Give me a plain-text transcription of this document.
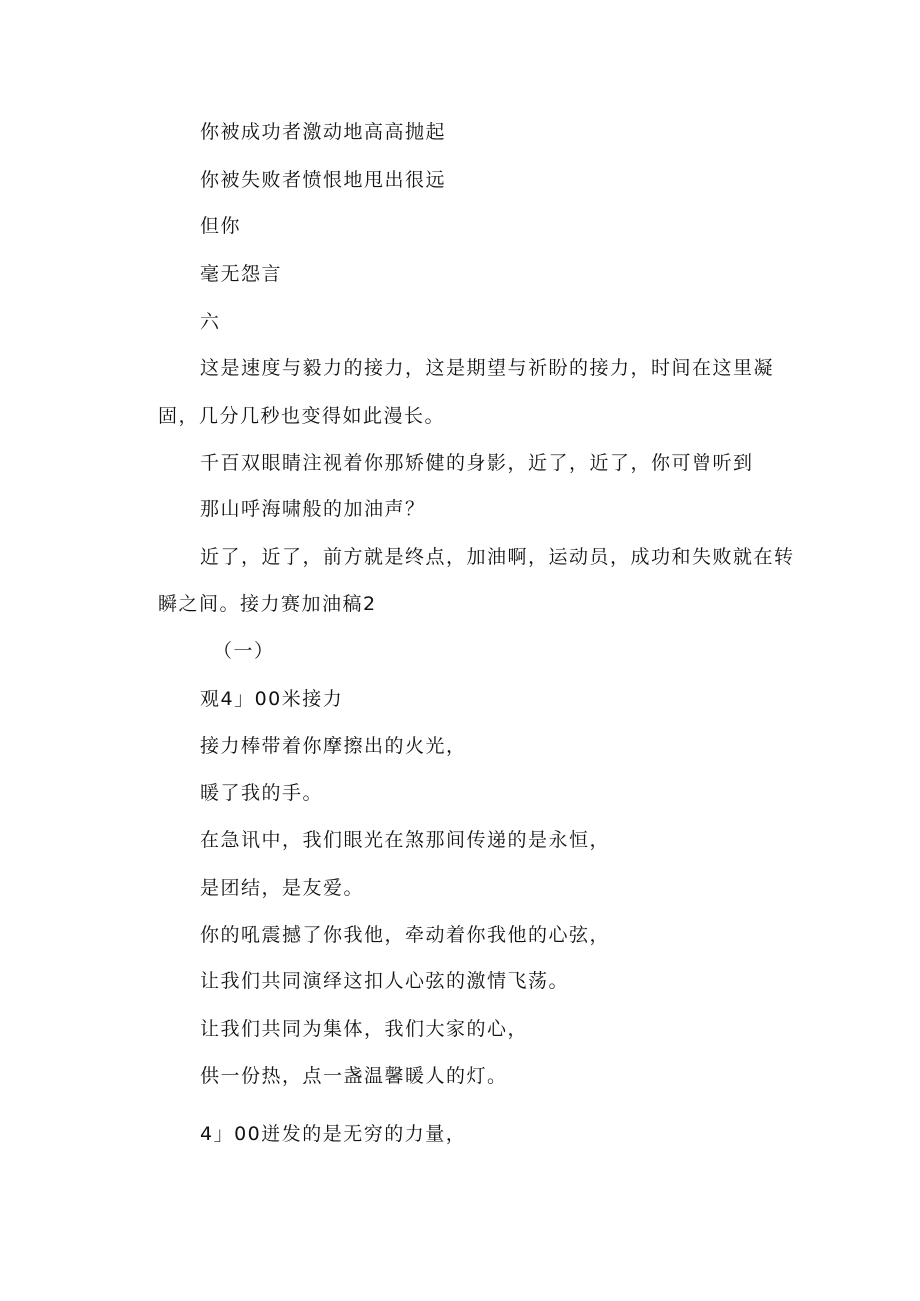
你被成功者激动地高高抛起
你被失败者愤恨地甩出很远
但你
毫无怨言
六
这是速度与毅力的接力，这是期望与祈盼的接力，时间在这里凝
固，几分几秒也变得如此漫长。
千百双眼睛注视着你那矫健的身影，近了，近了，你可曾听到
那山呼海啸般的加油声？
近了，近了，前方就是终点，加油啊，运动员，成功和失败就在转
瞬之间。接力赛加油稿2
（一）
观4」00米接力
接力棒带着你摩擦出的火光，
暖了我的手。
在急讯中，我们眼光在煞那间传递的是永恒，
是团结，是友爱。
你的吼震撼了你我他，牵动着你我他的心弦，
让我们共同演绎这扣人心弦的激情飞荡。
让我们共同为集体，我们大家的心，
供一份热，点一盏温馨暖人的灯。
4」00迸发的是无穷的力量，
